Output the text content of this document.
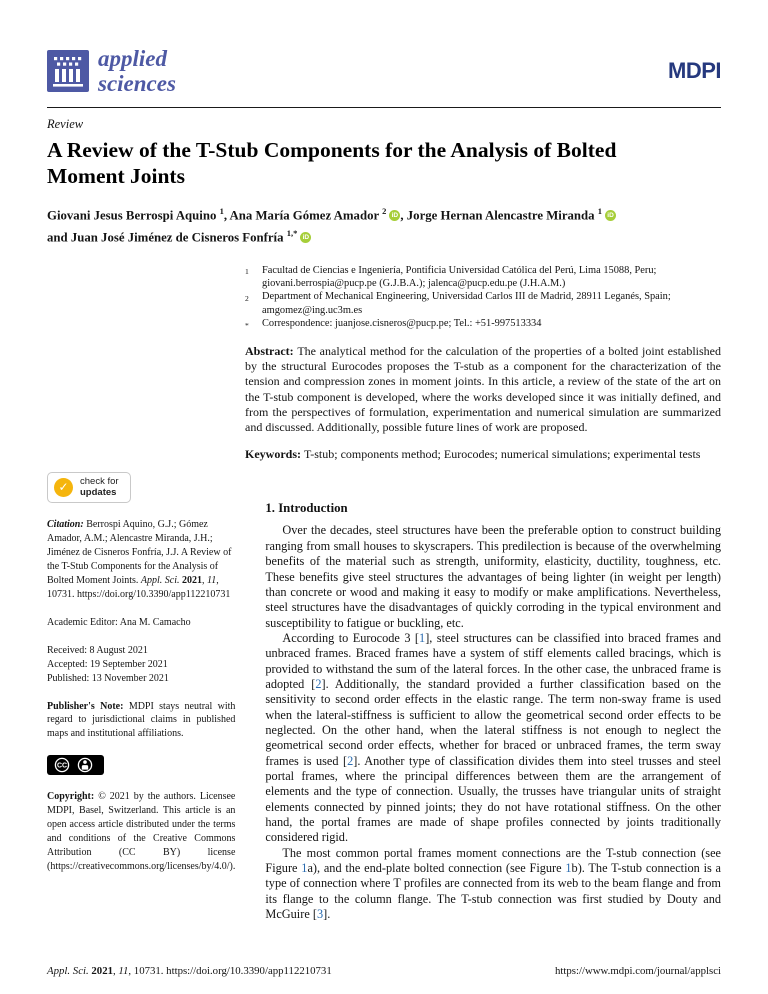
applied
sciences
MDPI
Review
A Review of the T-Stub Components for the Analysis of Bolted
Moment Joints
Giovani Jesus Berrospi Aquino $^1$, Ana María Gómez Amador $^2$ iD , Jorge Hernan Alencastre Miranda $^1$ iD
and Juan José Jiménez de Cisneros Fonfría $^{1,*}$ iD
1	Facultad de Ciencias e Ingeniería, Pontificia Universidad Católica del Perú, Lima 15088, Peru; giovani.berrospia@pucp.pe (G.J.B.A.); jalenca@pucp.edu.pe (J.H.A.M.)
2	Department of Mechanical Engineering, Universidad Carlos III de Madrid, 28911 Leganés, Spain; amgomez@ing.uc3m.es
*	Correspondence: juanjose.cisneros@pucp.pe; Tel.: +51-997513334

Abstract: The analytical method for the calculation of the properties of a bolted joint established by the structural Eurocodes proposes the T-stub as a component for the characterization of the tension and compression zones in moment joints. In this article, a review of the state of the art on the T-stub component is developed, where the works developed since it was initially defined, and from the perspectives of formulation, experimentation and numerical simulation are summarized and discussed. Additionally, possible future lines of work are proposed.

Keywords: T-stub; components method; Eurocodes; numerical simulations; experimental tests

✓	check for
updates

Citation: Berrospi Aquino, G.J.; Gómez Amador, A.M.; Alencastre Miranda, J.H.; Jiménez de Cisneros Fonfría, J.J. A Review of the T-Stub Components for the Analysis of Bolted Moment Joints. Appl. Sci. 2021, 11, 10731. https://doi.org/10.3390/app112210731

Academic Editor: Ana M. Camacho

Received: 8 August 2021
Accepted: 19 September 2021
Published: 13 November 2021

Publisher's Note: MDPI stays neutral with regard to jurisdictional claims in published maps and institutional affiliations.

CC

Copyright: © 2021 by the authors. Licensee MDPI, Basel, Switzerland. This article is an open access article distributed under the terms and conditions of the Creative Commons Attribution (CC BY) license (https://creativecommons.org/licenses/by/4.0/).

1. Introduction

Over the decades, steel structures have been the preferable option to construct building ranging from small houses to skyscrapers. This predilection is because of the overwhelming benefits of the material such as strength, uniformity, elasticity, ductility, toughness, etc. These benefits give steel structures the advantages of being lighter (in weight per length) than concrete or wood and making it easy to modify or make amplifications. Nevertheless, steel structures have the disadvantages of quickly corroding in the typical environment and susceptibility to fatigue or buckling, etc.

According to Eurocode 3 [1], steel structures can be classified into braced frames and unbraced frames. Braced frames have a system of stiff elements called bracings, which is provided to withstand the sum of the lateral forces. In the other case, the unbraced frame is adopted [2]. Additionally, the standard provided a further classification based on the sensitivity to second order effects in the elastic range. The term non-sway frame is used when the lateral-stiffness is sufficient to allow the geometrical second order effects to be neglected. On the other hand, when the lateral stiffness is not enough to neglect the geometrical second order effects, whether for braced or unbraced frames, the term sway frames is used [2]. Another type of classification divides them into steel trusses and steel portal frames, where the principal differences between them are the arrangement of elements and the type of connection. Usually, the trusses have triangular units of straight elements connected by pinned joints; they do not have rotational stiffness. On the other hand, the portal frames are made of shape profiles connected by joints traditionally considered rigid.

The most common portal frames moment connections are the T-stub connection (see Figure 1a), and the end-plate bolted connection (see Figure 1b). The T-stub connection is a type of connection where T profiles are connected from its web to the beam flange and from its flange to the column flange. The T-stub connection was first studied by Douty and McGuire [3].

Appl. Sci. 2021, 11, 10731. https://doi.org/10.3390/app112210731	https://www.mdpi.com/journal/applsci
